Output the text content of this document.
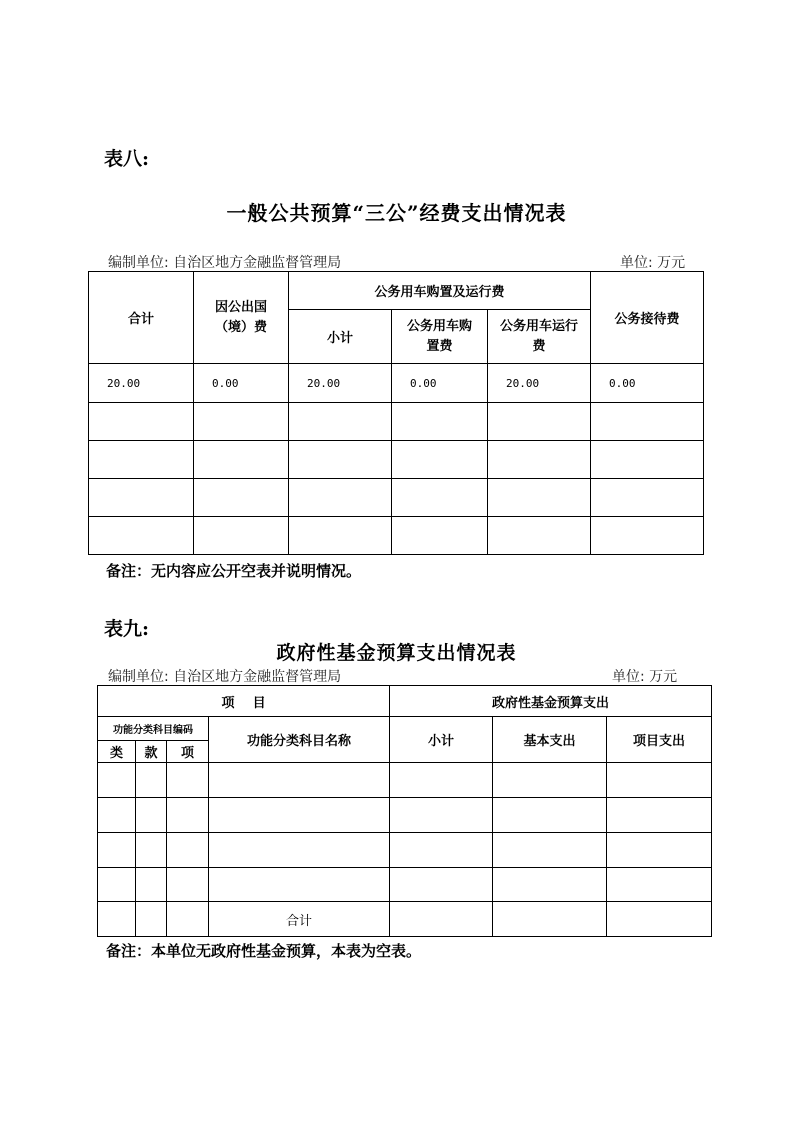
表八:
一般公共预算“三公”经费支出情况表
编制单位: 自治区地方金融监督管理局	单位: 万元
合计	因公出国（境）费	公务用车购置及运行费			公务接待费
		小计	公务用车购置费	公务用车运行费	
20.00	0.00	20.00	0.00	20.00	0.00

备注：无内容应公开空表并说明情况。
表九:
政府性基金预算支出情况表
编制单位: 自治区地方金融监督管理局	单位: 万元
项    目				政府性基金预算支出		
功能分类科目编码			功能分类科目名称	小计	基本支出	项目支出
类	款	项				

			合计			
备注：本单位无政府性基金预算，本表为空表。
